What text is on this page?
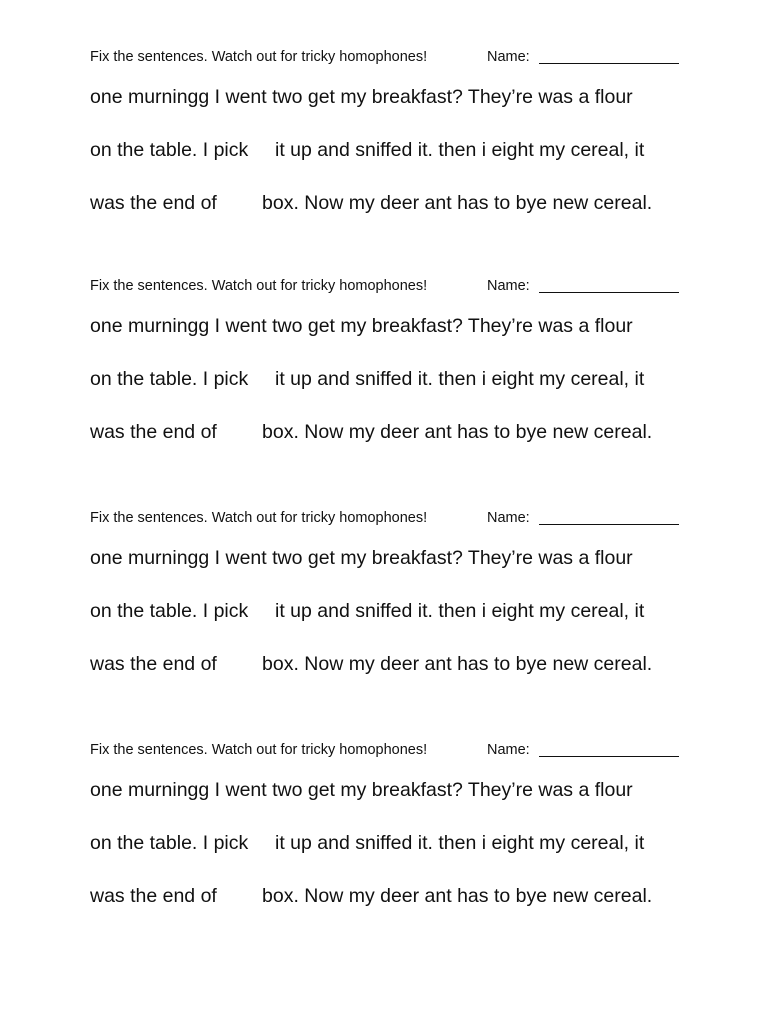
Fix the sentences. Watch out for tricky homophones!	Name:
one murningg I went two get my breakfast? They’re was a flour
on the table. I pick it up and sniffed it. then i eight my cereal, it
was the end of box. Now my deer ant has to bye new cereal.
Fix the sentences. Watch out for tricky homophones!	Name:
one murningg I went two get my breakfast? They’re was a flour
on the table. I pick it up and sniffed it. then i eight my cereal, it
was the end of box. Now my deer ant has to bye new cereal.
Fix the sentences. Watch out for tricky homophones!	Name:
one murningg I went two get my breakfast? They’re was a flour
on the table. I pick it up and sniffed it. then i eight my cereal, it
was the end of box. Now my deer ant has to bye new cereal.
Fix the sentences. Watch out for tricky homophones!	Name:
one murningg I went two get my breakfast? They’re was a flour
on the table. I pick it up and sniffed it. then i eight my cereal, it
was the end of box. Now my deer ant has to bye new cereal.
